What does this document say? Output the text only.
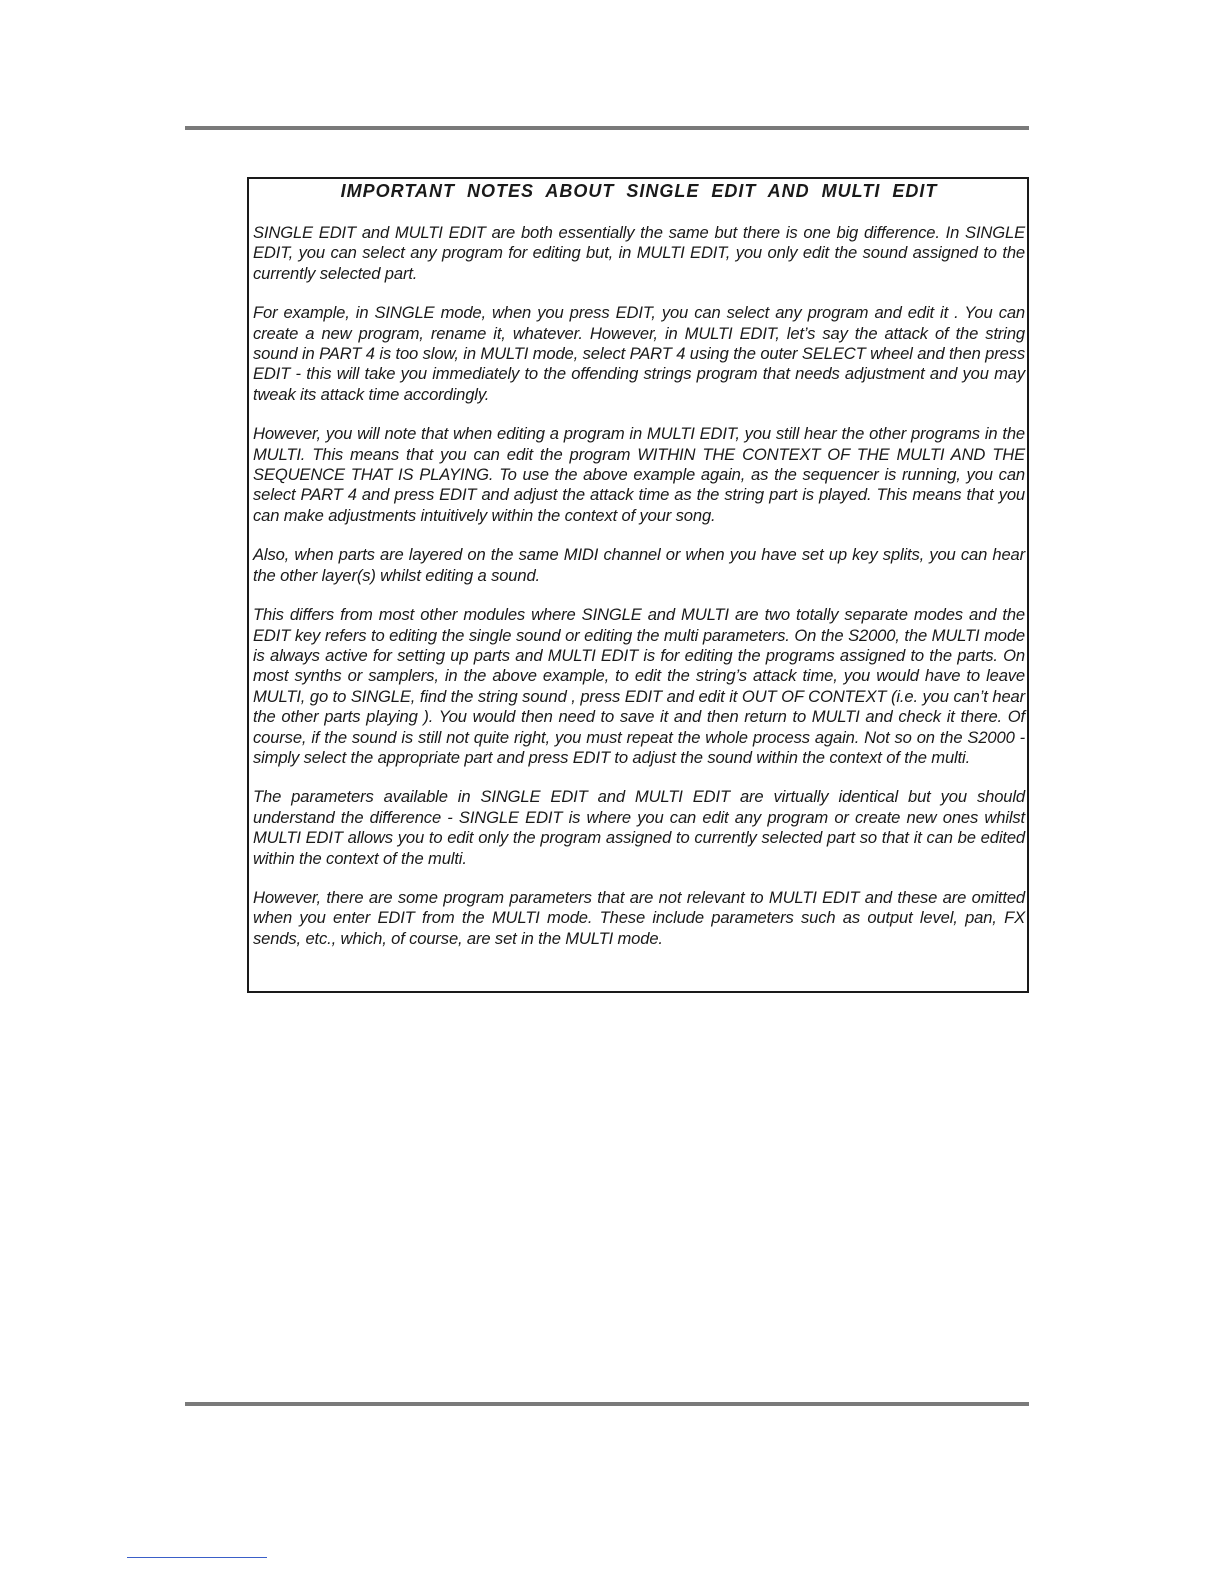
IMPORTANT NOTES ABOUT SINGLE EDIT AND MULTI EDIT

SINGLE EDIT and MULTI EDIT are both essentially the same but there is one big difference. In SINGLE EDIT, you can select any program for editing but, in MULTI EDIT, you only edit the sound assigned to the currently selected part.

For example, in SINGLE mode, when you press EDIT, you can select any program and edit it . You can create a new program, rename it, whatever. However, in MULTI EDIT, let’s say the attack of the string sound in PART 4 is too slow, in MULTI mode, select PART 4 using the outer SELECT wheel and then press EDIT - this will take you immediately to the offending strings program that needs adjustment and you may tweak its attack time accordingly.

However, you will note that when editing a program in MULTI EDIT, you still hear the other programs in the MULTI. This means that you can edit the program WITHIN THE CONTEXT OF THE MULTI AND THE SEQUENCE THAT IS PLAYING. To use the above example again, as the sequencer is running, you can select PART 4 and press EDIT and adjust the attack time as the string part is played. This means that you can make adjustments intuitively within the context of your song.

Also, when parts are layered on the same MIDI channel or when you have set up key splits, you can hear the other layer(s) whilst editing a sound.

This differs from most other modules where SINGLE and MULTI are two totally separate modes and the EDIT key refers to editing the single sound or editing the multi parameters. On the S2000, the MULTI mode is always active for setting up parts and MULTI EDIT is for editing the programs assigned to the parts. On most synths or samplers, in the above example, to edit the string’s attack time, you would have to leave MULTI, go to SINGLE, find the string sound , press EDIT and edit it OUT OF CONTEXT (i.e. you can’t hear the other parts playing ). You would then need to save it and then return to MULTI and check it there. Of course, if the sound is still not quite right, you must repeat the whole process again. Not so on the S2000 - simply select the appropriate part and press EDIT to adjust the sound within the context of the multi.

The parameters available in SINGLE EDIT and MULTI EDIT are virtually identical but you should understand the difference - SINGLE EDIT is where you can edit any program or create new ones whilst MULTI EDIT allows you to edit only the program assigned to currently selected part so that it can be edited within the context of the multi.

However, there are some program parameters that are not relevant to MULTI EDIT and these are omitted when you enter EDIT from the MULTI mode. These include parameters such as output level, pan, FX sends, etc., which, of course, are set in the MULTI mode.
